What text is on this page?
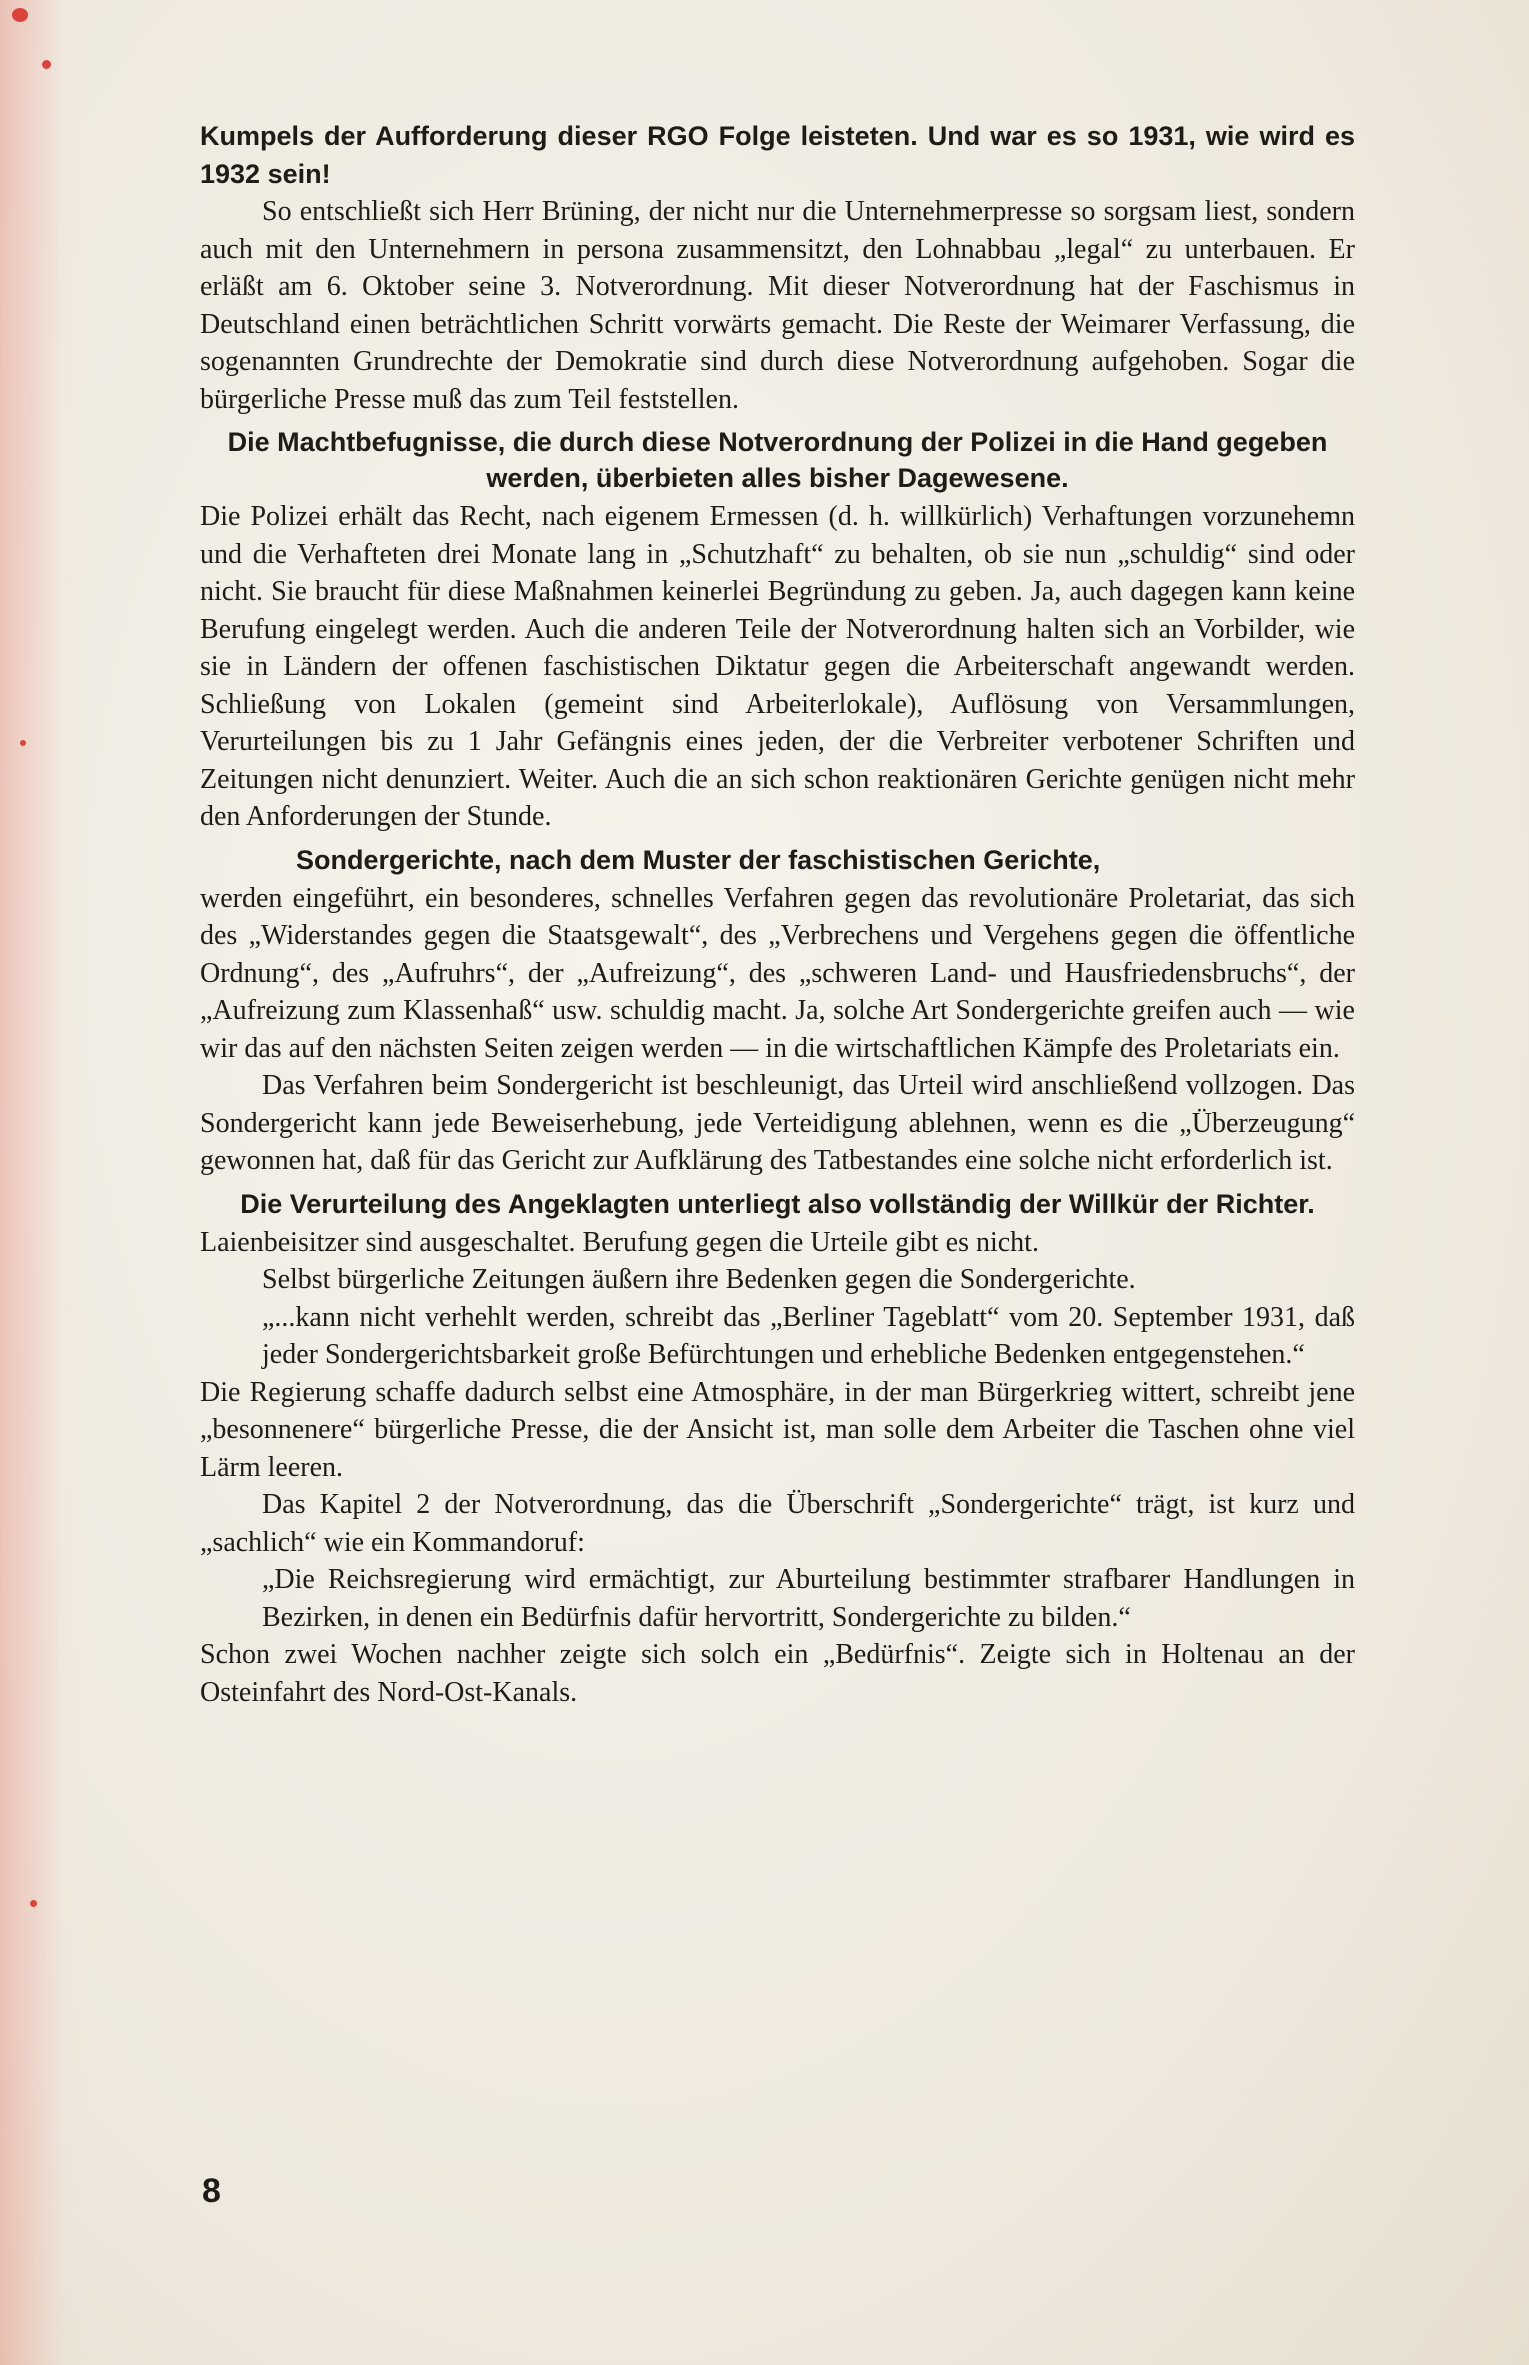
Kumpels der Aufforderung dieser RGO Folge leisteten. Und war es so 1931, wie wird es 1932 sein!

So entschließt sich Herr Brüning, der nicht nur die Unternehmerpresse so sorgsam liest, sondern auch mit den Unternehmern in persona zusammensitzt, den Lohnabbau „legal“ zu unterbauen. Er erläßt am 6. Oktober seine 3. Notverordnung. Mit dieser Notverordnung hat der Faschismus in Deutschland einen beträchtlichen Schritt vorwärts gemacht. Die Reste der Weimarer Verfassung, die sogenannten Grundrechte der Demokratie sind durch diese Notverordnung aufgehoben. Sogar die bürgerliche Presse muß das zum Teil feststellen.

Die Machtbefugnisse, die durch diese Notverordnung der Polizei in die Hand gegeben werden, überbieten alles bisher Dagewesene.

Die Polizei erhält das Recht, nach eigenem Ermessen (d. h. willkürlich) Verhaftungen vorzunehemn und die Verhafteten drei Monate lang in „Schutzhaft“ zu behalten, ob sie nun „schuldig“ sind oder nicht. Sie braucht für diese Maßnahmen keinerlei Begründung zu geben. Ja, auch dagegen kann keine Berufung eingelegt werden. Auch die anderen Teile der Notverordnung halten sich an Vorbilder, wie sie in Ländern der offenen faschistischen Diktatur gegen die Arbeiterschaft angewandt werden. Schließung von Lokalen (gemeint sind Arbeiterlokale), Auflösung von Versammlungen, Verurteilungen bis zu 1 Jahr Gefängnis eines jeden, der die Verbreiter verbotener Schriften und Zeitungen nicht denunziert. Weiter. Auch die an sich schon reaktionären Gerichte genügen nicht mehr den Anforderungen der Stunde.

Sondergerichte, nach dem Muster der faschistischen Gerichte,

werden eingeführt, ein besonderes, schnelles Verfahren gegen das revolutionäre Proletariat, das sich des „Widerstandes gegen die Staatsgewalt“, des „Verbrechens und Vergehens gegen die öffentliche Ordnung“, des „Aufruhrs“, der „Aufreizung“, des „schweren Land- und Hausfriedensbruchs“, der „Aufreizung zum Klassenhaß“ usw. schuldig macht. Ja, solche Art Sondergerichte greifen auch — wie wir das auf den nächsten Seiten zeigen werden — in die wirtschaftlichen Kämpfe des Proletariats ein.

Das Verfahren beim Sondergericht ist beschleunigt, das Urteil wird anschließend vollzogen. Das Sondergericht kann jede Beweiserhebung, jede Verteidigung ablehnen, wenn es die „Überzeugung“ gewonnen hat, daß für das Gericht zur Aufklärung des Tatbestandes eine solche nicht erforderlich ist.

Die Verurteilung des Angeklagten unterliegt also vollständig der Willkür der Richter.

Laienbeisitzer sind ausgeschaltet. Berufung gegen die Urteile gibt es nicht.

Selbst bürgerliche Zeitungen äußern ihre Bedenken gegen die Sondergerichte.

„...kann nicht verhehlt werden, schreibt das „Berliner Tageblatt“ vom 20. September 1931, daß jeder Sondergerichtsbarkeit große Befürchtungen und erhebliche Bedenken entgegenstehen.“

Die Regierung schaffe dadurch selbst eine Atmosphäre, in der man Bürgerkrieg wittert, schreibt jene „besonnenere“ bürgerliche Presse, die der Ansicht ist, man solle dem Arbeiter die Taschen ohne viel Lärm leeren.

Das Kapitel 2 der Notverordnung, das die Überschrift „Sondergerichte“ trägt, ist kurz und „sachlich“ wie ein Kommandoruf:

„Die Reichsregierung wird ermächtigt, zur Aburteilung bestimmter strafbarer Handlungen in Bezirken, in denen ein Bedürfnis dafür hervortritt, Sondergerichte zu bilden.“

Schon zwei Wochen nachher zeigte sich solch ein „Bedürfnis“. Zeigte sich in Holtenau an der Osteinfahrt des Nord-Ost-Kanals.

8
